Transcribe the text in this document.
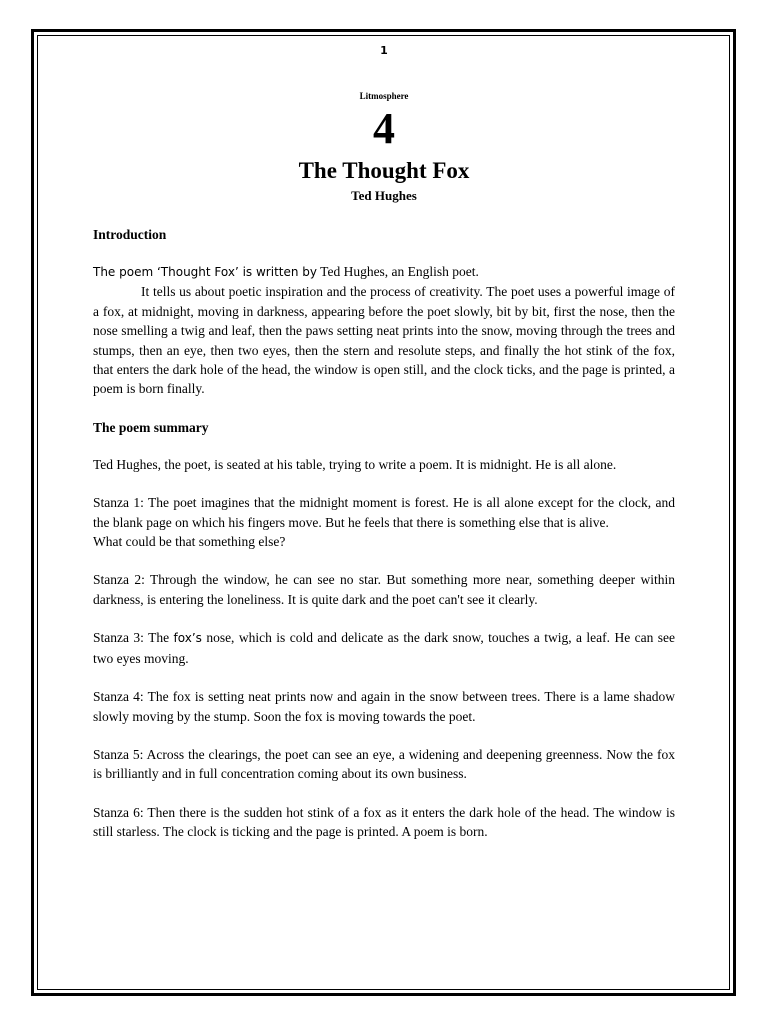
1
Litmosphere
4
The Thought Fox
Ted Hughes
Introduction
The poem ‘Thought Fox’ is written by Ted Hughes, an English poet.
It tells us about poetic inspiration and the process of creativity. The poet uses a powerful image of a fox, at midnight, moving in darkness, appearing before the poet slowly, bit by bit, first the nose, then the nose smelling a twig and leaf, then the paws setting neat prints into the snow, moving through the trees and stumps, then an eye, then two eyes, then the stern and resolute steps, and finally the hot stink of the fox, that enters the dark hole of the head, the window is open still, and the clock ticks, and the page is printed, a poem is born finally.
The poem summary
Ted Hughes, the poet, is seated at his table, trying to write a poem. It is midnight. He is all alone.
Stanza 1: The poet imagines that the midnight moment is forest. He is all alone except for the clock, and the blank page on which his fingers move. But he feels that there is something else that is alive.
What could be that something else?
Stanza 2: Through the window, he can see no star. But something more near, something deeper within darkness, is entering the loneliness. It is quite dark and the poet can't see it clearly.
Stanza 3: The fox’s nose, which is cold and delicate as the dark snow, touches a twig, a leaf. He can see two eyes moving.
Stanza 4: The fox is setting neat prints now and again in the snow between trees. There is a lame shadow slowly moving by the stump. Soon the fox is moving towards the poet.
Stanza 5: Across the clearings, the poet can see an eye, a widening and deepening greenness. Now the fox is brilliantly and in full concentration coming about its own business.
Stanza 6: Then there is the sudden hot stink of a fox as it enters the dark hole of the head. The window is still starless. The clock is ticking and the page is printed. A poem is born.
